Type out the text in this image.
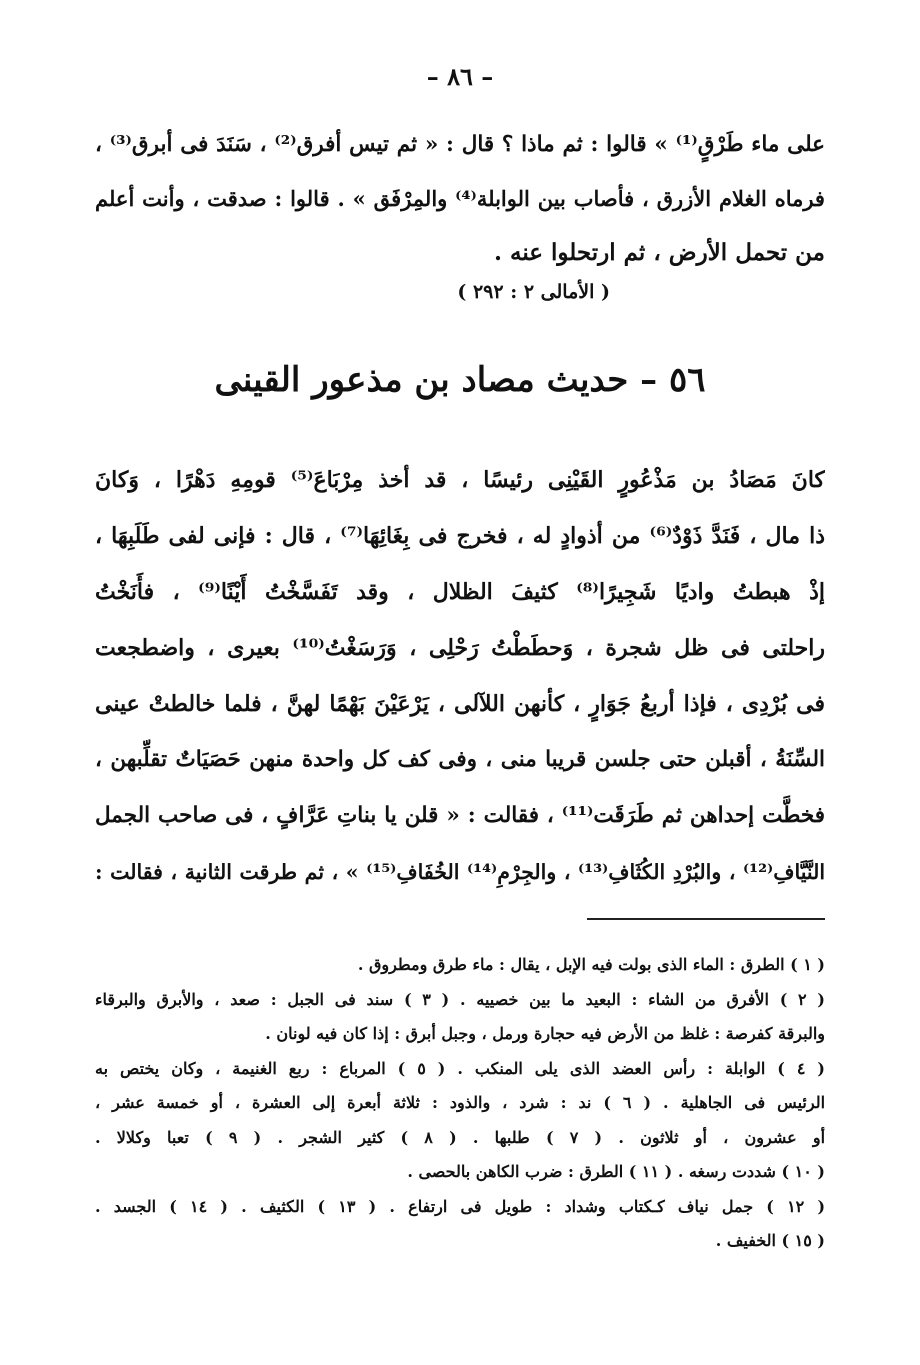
– ٨٦ –
على ماء طَرْقٍ⁽¹⁾ » قالوا : ثم ماذا ؟ قال : « ثم تيس أفرق⁽²⁾ ، سَنَدَ فى أبرق⁽³⁾ ،
فرماه الغلام الأزرق ، فأصاب بين الوابلة⁽⁴⁾ والمِرْفَق » . قالوا : صدقت ، وأنت أعلم
من تحمل الأرض ، ثم ارتحلوا عنه .
( الأمالى ٢ : ٢٩٢ )
٥٦ – حديث مصاد بن مذعور القينى
كانَ مَصَادُ بن مَذْعُورٍ القَيْنِى رئيسًا ، قد أخذ مِرْبَاعَ⁽⁵⁾ قومِهِ دَهْرًا ، وَكانَ
ذا مال ، فَنَدَّ ذَوْدٌ⁽⁶⁾ من أذوادٍ له ، فخرج فى بِغَائِهَا⁽⁷⁾ ، قال : فإنى لفى طَلَبِهَا ،
إذْ هبطتُ واديًا شَجِيرًا⁽⁸⁾ كثيفَ الظلال ، وقد تَفَسَّخْتُ أَيْنًا⁽⁹⁾ ، فأَنَخْتُ
راحلتى فى ظل شجرة ، وَحطَطْتُ رَحْلِى ، وَرَسَغْتُ⁽¹⁰⁾ بعيرى ، واضطجعت
فى بُرْدِى ، فإذا أربعُ جَوَارٍ ، كأنهن اللآلى ، يَرْعَيْنَ بَهْمًا لهنَّ ، فلما خالطتْ عينى
السِّنَةُ ، أقبلن حتى جلسن قريبا منى ، وفى كف كل واحدة منهن حَصَيَاتٌ تقلِّبهن ،
فخطَّت إحداهن ثم طَرَقَت⁽¹¹⁾ ، فقالت : « قلن يا بناتِ عَرَّافٍ ، فى صاحب الجمل
النَّيَّافِ⁽¹²⁾ ، والبُرْدِ الكُثَافِ⁽¹³⁾ ، والجِرْمِ⁽¹⁴⁾ الخُفَافِ⁽¹⁵⁾ » ، ثم طرقت الثانية ، فقالت :
( ١ ) الطرق : الماء الذى بولت فيه الإبل ، يقال : ماء طرق ومطروق .
( ٢ ) الأفرق من الشاء : البعيد ما بين خصييه . ( ٣ ) سند فى الجبل : صعد ، والأبرق والبرقاء
والبرقة كفرصة : غلظ من الأرض فيه حجارة ورمل ، وجبل أبرق : إذا كان فيه لونان .
( ٤ ) الوابلة : رأس العضد الذى يلى المنكب . ( ٥ ) المرباع : ربع الغنيمة ، وكان يختص به
الرئيس فى الجاهلية . ( ٦ ) ند : شرد ، والذود : ثلاثة أبعرة إلى العشرة ، أو خمسة عشر ،
أو عشرون ، أو ثلاثون . ( ٧ ) طلبها . ( ٨ ) كثير الشجر . ( ٩ ) تعبا وكلالا .
( ١٠ ) شددت رسغه . ( ١١ ) الطرق : ضرب الكاهن بالحصى .
( ١٢ ) جمل نياف كـكتاب وشداد : طويل فى ارتفاع . ( ١٣ ) الكثيف . ( ١٤ ) الجسد .
( ١٥ ) الخفيف .
